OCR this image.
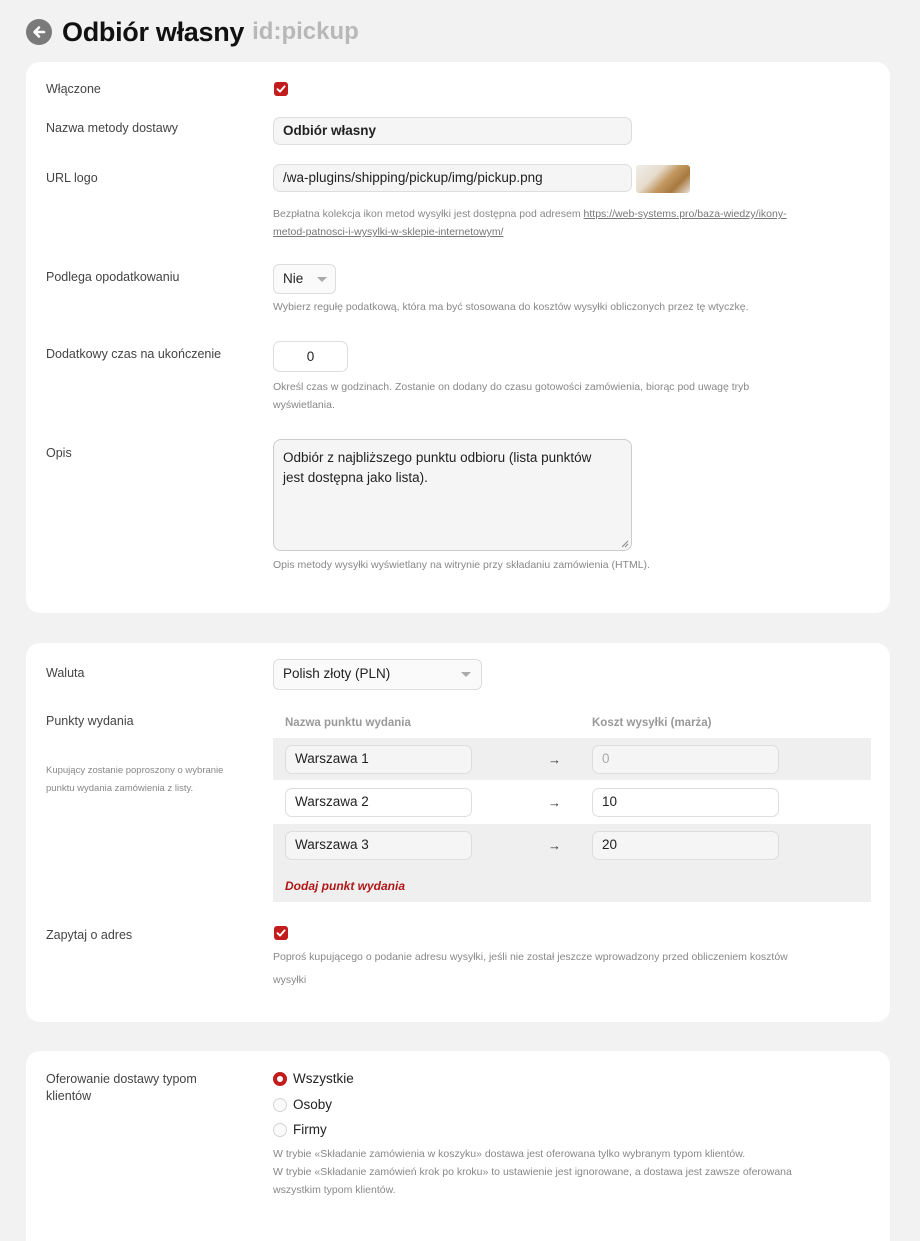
Odbiór własny id:pickup
Włączone
Nazwa metody dostawy	Odbiór własny
URL logo	/wa-plugins/shipping/pickup/img/pickup.png
Bezpłatna kolekcja ikon metod wysyłki jest dostępna pod adresem https://web-systems.pro/baza-wiedzy/ikony-
metod-patnosci-i-wysylki-w-sklepie-internetowym/
Podlega opodatkowaniu	Nie
Wybierz regułę podatkową, która ma być stosowana do kosztów wysyłki obliczonych przez tę wtyczkę.
Dodatkowy czas na ukończenie	0
Określ czas w godzinach. Zostanie on dodany do czasu gotowości zamówienia, biorąc pod uwagę tryb
wyświetlania.
Opis	Odbiór z najbliższego punktu odbioru (lista punktów
jest dostępna jako lista).
Opis metody wysyłki wyświetlany na witrynie przy składaniu zamówienia (HTML).
Waluta	Polish złoty (PLN)
Punkty wydania
Kupujący zostanie poproszony o wybranie
punktu wydania zamówienia z listy.
Nazwa punktu wydania	Koszt wysyłki (marża)
Warszawa 1	→	0
Warszawa 2	→	10
Warszawa 3	→	20
Dodaj punkt wydania
Zapytaj o adres
Poproś kupującego o podanie adresu wysyłki, jeśli nie został jeszcze wprowadzony przed obliczeniem kosztów
wysyłki
Oferowanie dostawy typom
klientów
Wszystkie
Osoby
Firmy
W trybie «Składanie zamówienia w koszyku» dostawa jest oferowana tylko wybranym typom klientów.
W trybie «Składanie zamówień krok po kroku» to ustawienie jest ignorowane, a dostawa jest zawsze oferowana
wszystkim typom klientów.
